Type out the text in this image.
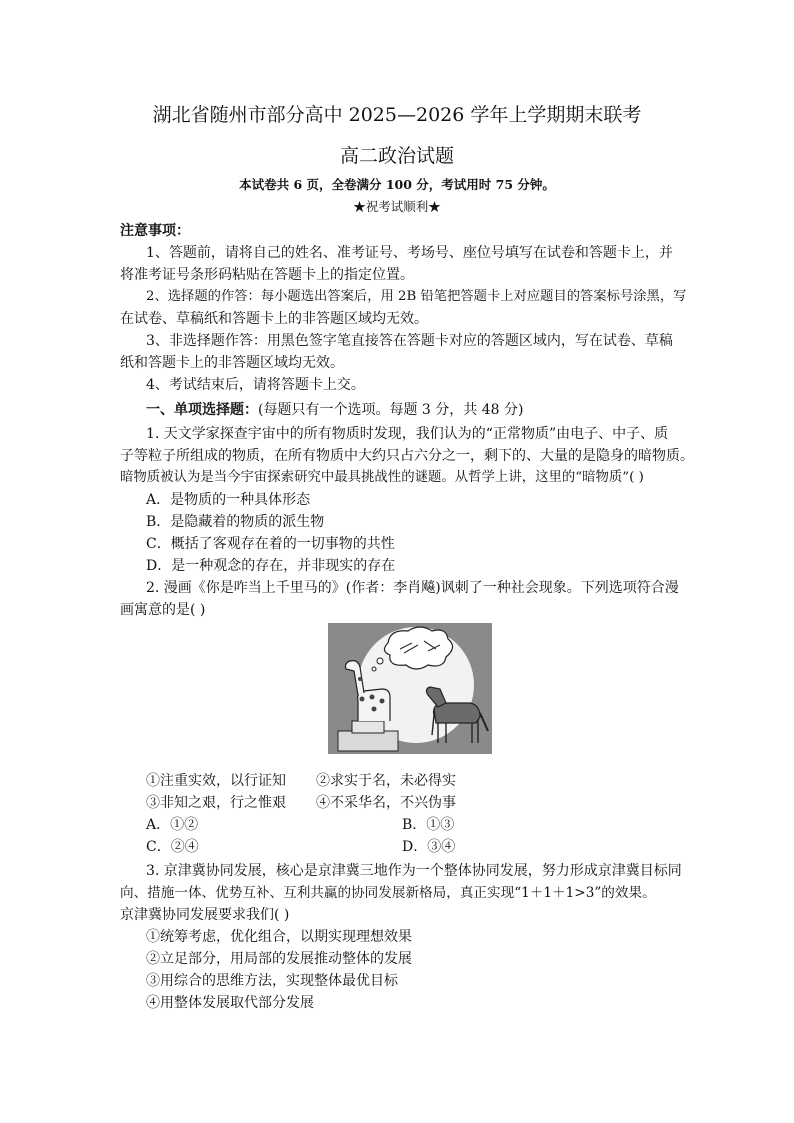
湖北省随州市部分高中 2025—2026 学年上学期期末联考
高二政治试题
本试卷共 6 页，全卷满分 100 分，考试用时 75 分钟。
★祝考试顺利★
注意事项：
1、答题前，请将自己的姓名、准考证号、考场号、座位号填写在试卷和答题卡上，并
将准考证号条形码粘贴在答题卡上的指定位置。
2、选择题的作答：每小题选出答案后，用 2B 铅笔把答题卡上对应题目的答案标号涂黑，写
在试卷、草稿纸和答题卡上的非答题区域均无效。
3、非选择题作答：用黑色签字笔直接答在答题卡对应的答题区域内，写在试卷、草稿
纸和答题卡上的非答题区域均无效。
4、考试结束后，请将答题卡上交。
一、单项选择题：(每题只有一个选项。每题 3 分，共 48 分)
1. 天文学家探查宇宙中的所有物质时发现，我们认为的“正常物质”由电子、中子、质
子等粒子所组成的物质，在所有物质中大约只占六分之一，剩下的、大量的是隐身的暗物质。
暗物质被认为是当今宇宙探索研究中最具挑战性的谜题。从哲学上讲，这里的“暗物质”( )
A．是物质的一种具体形态
B．是隐藏着的物质的派生物
C．概括了客观存在着的一切事物的共性
D．是一种观念的存在，并非现实的存在
2. 漫画《你是咋当上千里马的》(作者：李肖飚)讽刺了一种社会现象。下列选项符合漫
画寓意的是( )
①注重实效，以行证知 ②求实于名，未必得实
③非知之艰，行之惟艰 ④不采华名，不兴伪事
A．①②	B．①③
C．②④	D．③④
3. 京津冀协同发展，核心是京津冀三地作为一个整体协同发展，努力形成京津冀目标同
向、措施一体、优势互补、互利共赢的协同发展新格局，真正实现“1＋1＋1>3”的效果。
京津冀协同发展要求我们( )
①统筹考虑，优化组合，以期实现理想效果
②立足部分，用局部的发展推动整体的发展
③用综合的思维方法，实现整体最优目标
④用整体发展取代部分发展
